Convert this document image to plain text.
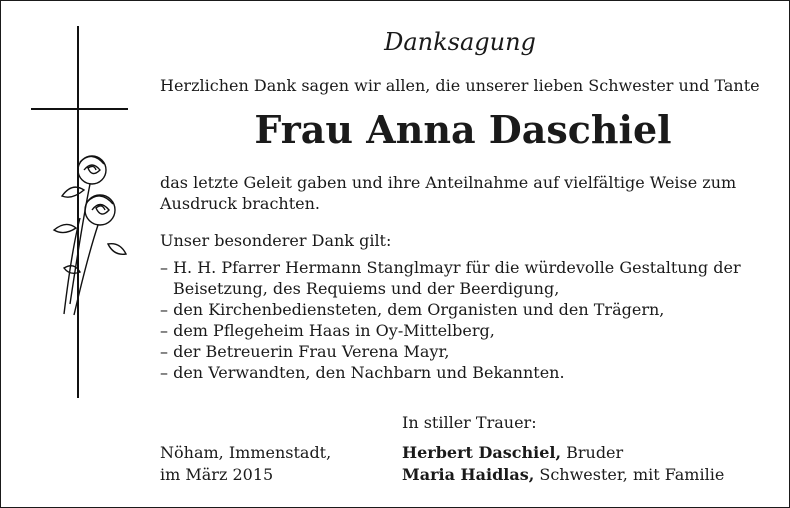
Danksagung
Herzlichen Dank sagen wir allen, die unserer lieben Schwester und Tante
Frau Anna Daschiel
das letzte Geleit gaben und ihre Anteilnahme auf vielfältige Weise zum Ausdruck brachten.
Unser besonderer Dank gilt:
– H. H. Pfarrer Hermann Stanglmayr für die würdevolle Gestaltung der Beisetzung, des Requiems und der Beerdigung,
– den Kirchenbediensteten, dem Organisten und den Trägern,
– dem Pflegeheim Haas in Oy-Mittelberg,
– der Betreuerin Frau Verena Mayr,
– den Verwandten, den Nachbarn und Bekannten.
In stiller Trauer:
Nöham, Immenstadt,
im März 2015
Herbert Daschiel, Bruder
Maria Haidlas, Schwester, mit Familie
